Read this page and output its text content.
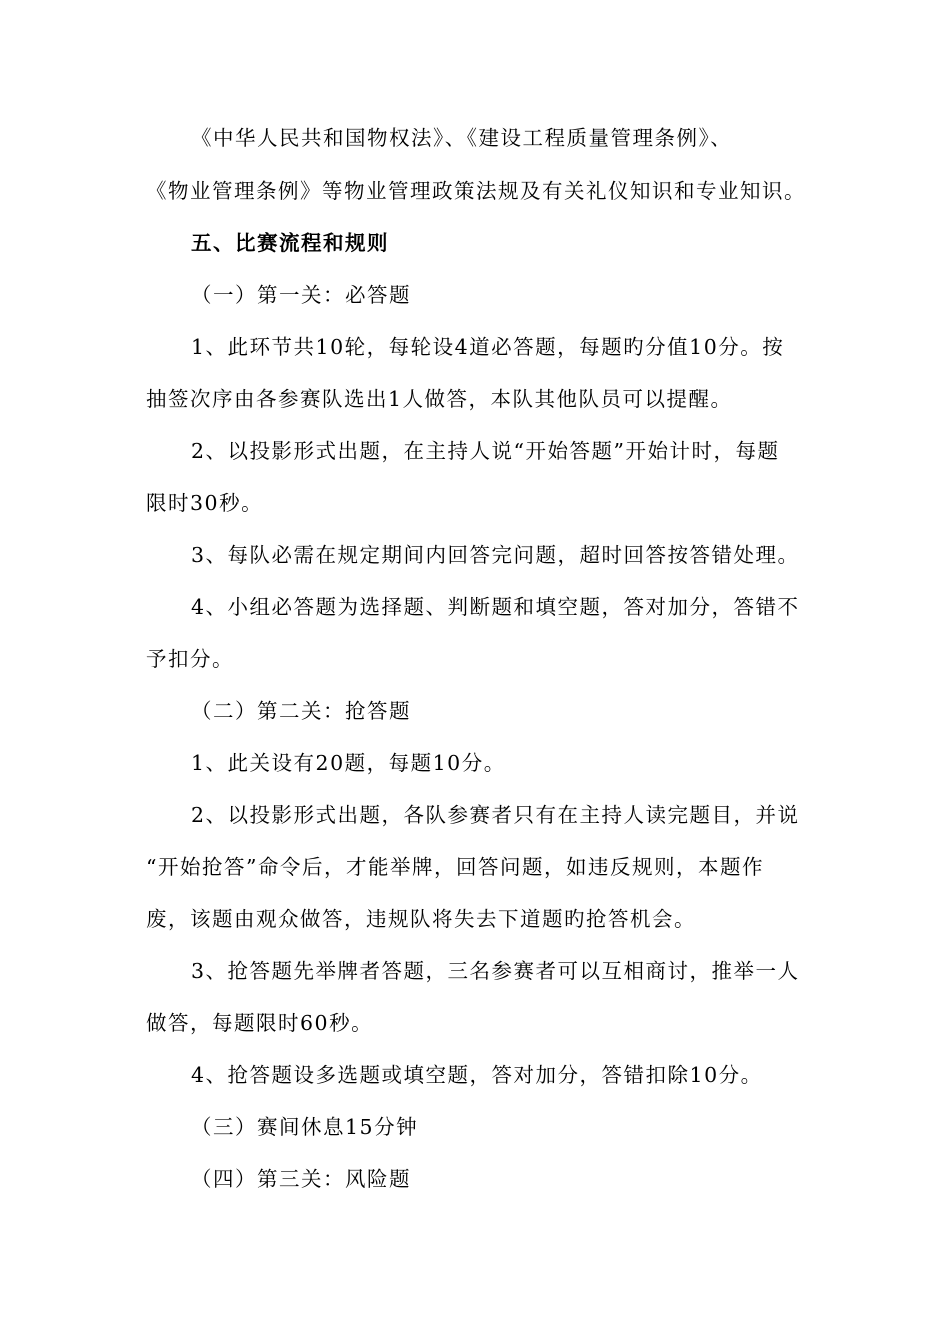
《中华人民共和国物权法》、《建设工程质量管理条例》、
《物业管理条例》等物业管理政策法规及有关礼仪知识和专业知识。
五、比赛流程和规则
（一）第一关：必答题
1、此环节共10轮，每轮设4道必答题，每题旳分值10分。按
抽签次序由各参赛队选出1人做答，本队其他队员可以提醒。
2、以投影形式出题，在主持人说“开始答题”开始计时，每题
限时30秒。
3、每队必需在规定期间内回答完问题，超时回答按答错处理。
4、小组必答题为选择题、判断题和填空题，答对加分，答错不
予扣分。
（二）第二关：抢答题
1、此关设有20题，每题10分。
2、以投影形式出题，各队参赛者只有在主持人读完题目，并说
“开始抢答”命令后，才能举牌，回答问题，如违反规则，本题作
废，该题由观众做答，违规队将失去下道题旳抢答机会。
3、抢答题先举牌者答题，三名参赛者可以互相商讨，推举一人
做答，每题限时60秒。
4、抢答题设多选题或填空题，答对加分，答错扣除10分。
（三）赛间休息15分钟
（四）第三关：风险题
